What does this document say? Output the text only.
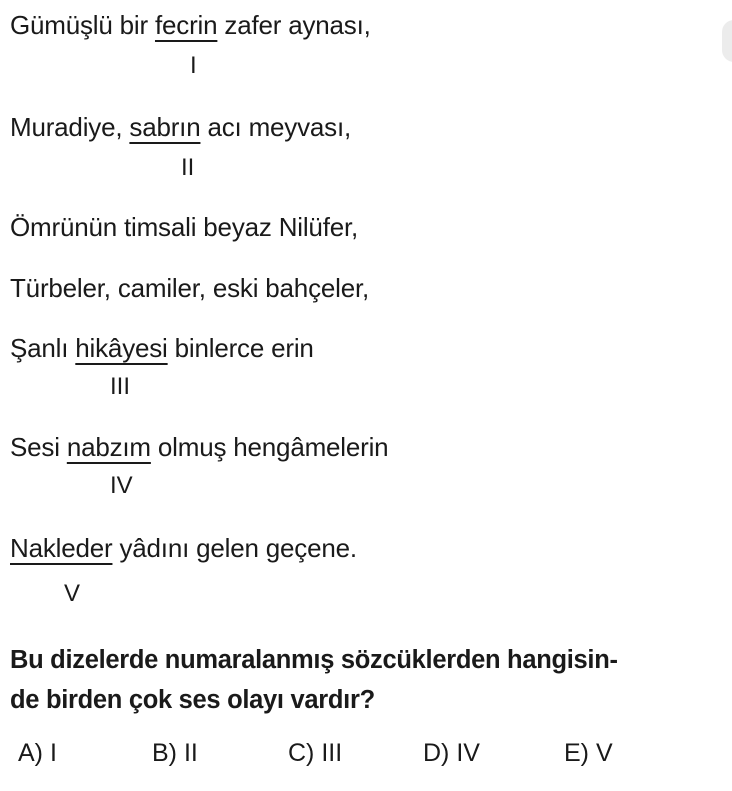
Gümüşlü bir fecrin zafer aynası,
I
Muradiye, sabrın acı meyvası,
II
Ömrünün timsali beyaz Nilüfer,
Türbeler, camiler, eski bahçeler,
Şanlı hikâyesi binlerce erin
III
Sesi nabzım olmuş hengâmelerin
IV
Nakleder yâdını gelen geçene.
V
Bu dizelerde numaralanmış sözcüklerden hangisin-
de birden çok ses olayı vardır?
A) I	B) II	C) III	D) IV	E) V
